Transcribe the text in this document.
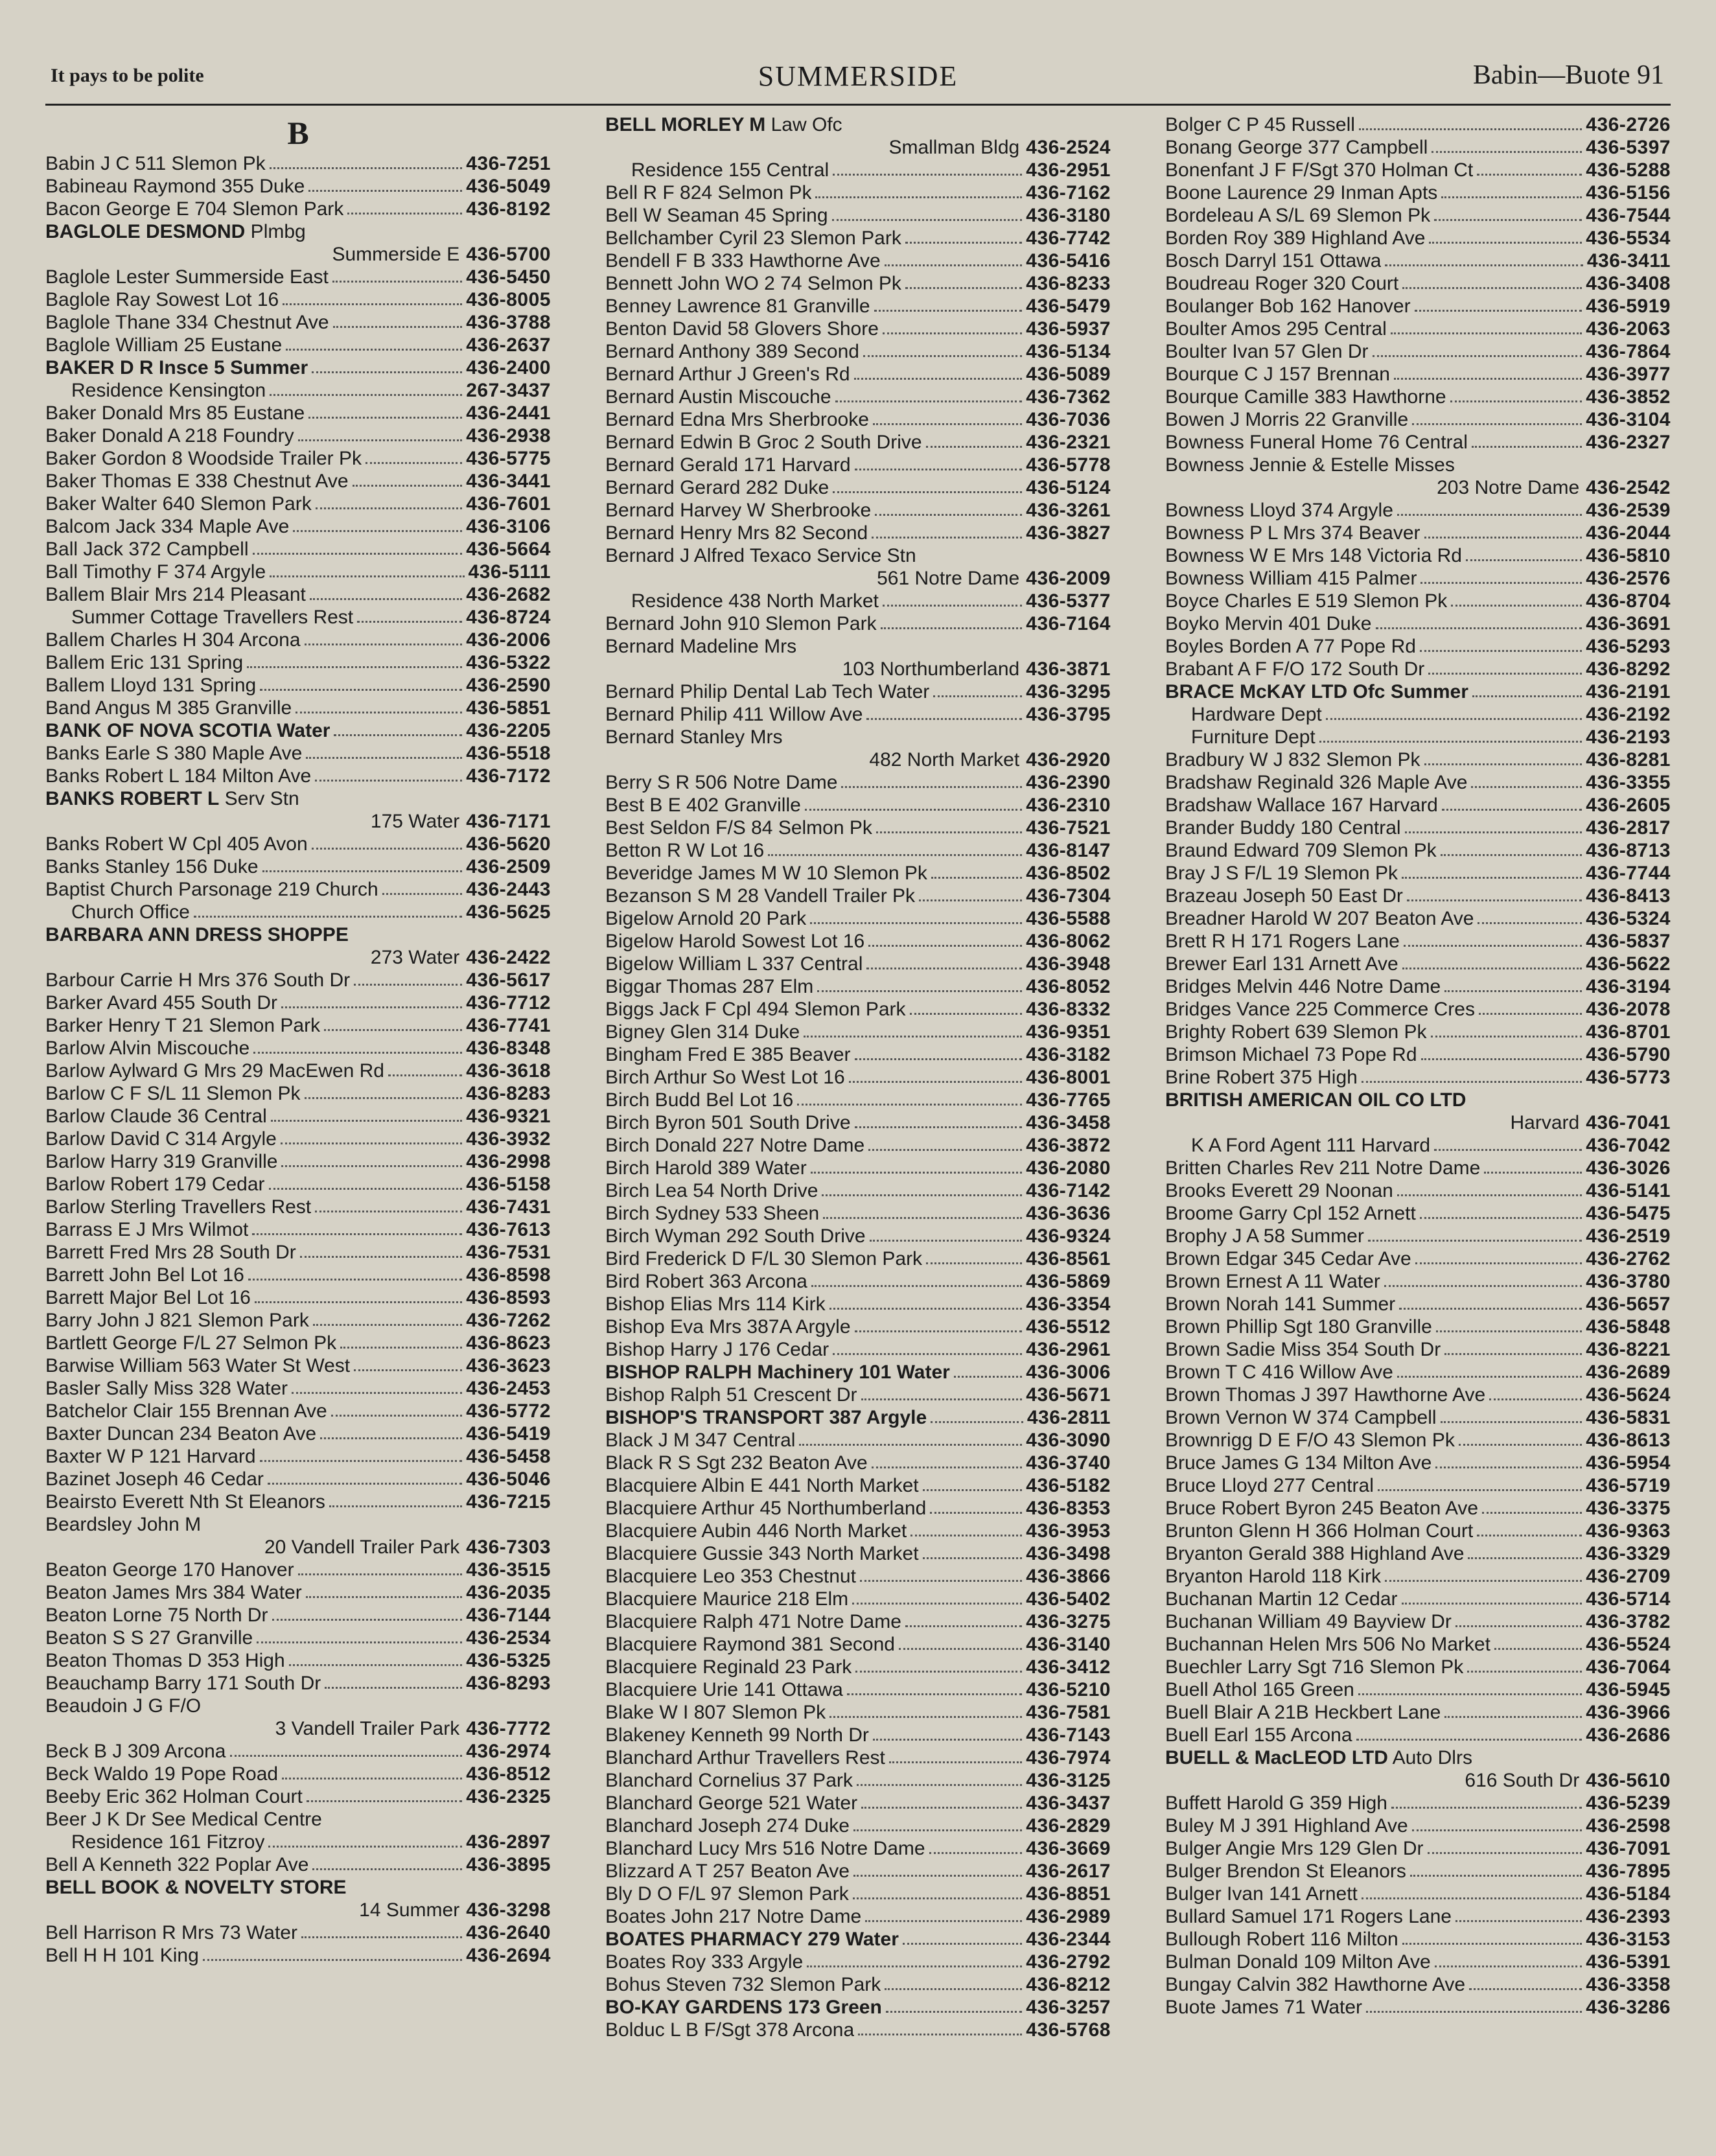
It pays to be polite	SUMMERSIDE	Babin—Buote 91
B
Babin J C 511 Slemon Pk	436-7251
Babineau Raymond 355 Duke	436-5049
Bacon George E 704 Slemon Park	436-8192
BAGLOLE DESMOND Plmbg
Summerside E 436-5700
Baglole Lester Summerside East	436-5450
Baglole Ray Sowest Lot 16	436-8005
Baglole Thane 334 Chestnut Ave	436-3788
Baglole William 25 Eustane	436-2637
BAKER D R Insce 5 Summer	436-2400
Residence Kensington	267-3437
Baker Donald Mrs 85 Eustane	436-2441
Baker Donald A 218 Foundry	436-2938
Baker Gordon 8 Woodside Trailer Pk	436-5775
Baker Thomas E 338 Chestnut Ave	436-3441
Baker Walter 640 Slemon Park	436-7601
Balcom Jack 334 Maple Ave	436-3106
Ball Jack 372 Campbell	436-5664
Ball Timothy F 374 Argyle	436-5111
Ballem Blair Mrs 214 Pleasant	436-2682
Summer Cottage Travellers Rest	436-8724
Ballem Charles H 304 Arcona	436-2006
Ballem Eric 131 Spring	436-5322
Ballem Lloyd 131 Spring	436-2590
Band Angus M 385 Granville	436-5851
BANK OF NOVA SCOTIA Water	436-2205
Banks Earle S 380 Maple Ave	436-5518
Banks Robert L 184 Milton Ave	436-7172
BANKS ROBERT L Serv Stn
175 Water 436-7171
Banks Robert W Cpl 405 Avon	436-5620
Banks Stanley 156 Duke	436-2509
Baptist Church Parsonage 219 Church	436-2443
Church Office	436-5625
BARBARA ANN DRESS SHOPPE
273 Water 436-2422
Barbour Carrie H Mrs 376 South Dr	436-5617
Barker Avard 455 South Dr	436-7712
Barker Henry T 21 Slemon Park	436-7741
Barlow Alvin Miscouche	436-8348
Barlow Aylward G Mrs 29 MacEwen Rd	436-3618
Barlow C F S/L 11 Slemon Pk	436-8283
Barlow Claude 36 Central	436-9321
Barlow David C 314 Argyle	436-3932
Barlow Harry 319 Granville	436-2998
Barlow Robert 179 Cedar	436-5158
Barlow Sterling Travellers Rest	436-7431
Barrass E J Mrs Wilmot	436-7613
Barrett Fred Mrs 28 South Dr	436-7531
Barrett John Bel Lot 16	436-8598
Barrett Major Bel Lot 16	436-8593
Barry John J 821 Slemon Park	436-7262
Bartlett George F/L 27 Selmon Pk	436-8623
Barwise William 563 Water St West	436-3623
Basler Sally Miss 328 Water	436-2453
Batchelor Clair 155 Brennan Ave	436-5772
Baxter Duncan 234 Beaton Ave	436-5419
Baxter W P 121 Harvard	436-5458
Bazinet Joseph 46 Cedar	436-5046
Beairsto Everett Nth St Eleanors	436-7215
Beardsley John M
20 Vandell Trailer Park 436-7303
Beaton George 170 Hanover	436-3515
Beaton James Mrs 384 Water	436-2035
Beaton Lorne 75 North Dr	436-7144
Beaton S S 27 Granville	436-2534
Beaton Thomas D 353 High	436-5325
Beauchamp Barry 171 South Dr	436-8293
Beaudoin J G F/O
3 Vandell Trailer Park 436-7772
Beck B J 309 Arcona	436-2974
Beck Waldo 19 Pope Road	436-8512
Beeby Eric 362 Holman Court	436-2325
Beer J K Dr See Medical Centre
Residence 161 Fitzroy	436-2897
Bell A Kenneth 322 Poplar Ave	436-3895
BELL BOOK & NOVELTY STORE
14 Summer 436-3298
Bell Harrison R Mrs 73 Water	436-2640
Bell H H 101 King	436-2694
BELL MORLEY M Law Ofc
Smallman Bldg 436-2524
Residence 155 Central	436-2951
Bell R F 824 Selmon Pk	436-7162
Bell W Seaman 45 Spring	436-3180
Bellchamber Cyril 23 Slemon Park	436-7742
Bendell F B 333 Hawthorne Ave	436-5416
Bennett John WO 2 74 Selmon Pk	436-8233
Benney Lawrence 81 Granville	436-5479
Benton David 58 Glovers Shore	436-5937
Bernard Anthony 389 Second	436-5134
Bernard Arthur J Green's Rd	436-5089
Bernard Austin Miscouche	436-7362
Bernard Edna Mrs Sherbrooke	436-7036
Bernard Edwin B Groc 2 South Drive	436-2321
Bernard Gerald 171 Harvard	436-5778
Bernard Gerard 282 Duke	436-5124
Bernard Harvey W Sherbrooke	436-3261
Bernard Henry Mrs 82 Second	436-3827
Bernard J Alfred Texaco Service Stn
561 Notre Dame 436-2009
Residence 438 North Market	436-5377
Bernard John 910 Slemon Park	436-7164
Bernard Madeline Mrs
103 Northumberland 436-3871
Bernard Philip Dental Lab Tech Water	436-3295
Bernard Philip 411 Willow Ave	436-3795
Bernard Stanley Mrs
482 North Market 436-2920
Berry S R 506 Notre Dame	436-2390
Best B E 402 Granville	436-2310
Best Seldon F/S 84 Selmon Pk	436-7521
Betton R W Lot 16	436-8147
Beveridge James M W 10 Slemon Pk	436-8502
Bezanson S M 28 Vandell Trailer Pk	436-7304
Bigelow Arnold 20 Park	436-5588
Bigelow Harold Sowest Lot 16	436-8062
Bigelow William L 337 Central	436-3948
Biggar Thomas 287 Elm	436-8052
Biggs Jack F Cpl 494 Slemon Park	436-8332
Bigney Glen 314 Duke	436-9351
Bingham Fred E 385 Beaver	436-3182
Birch Arthur So West Lot 16	436-8001
Birch Budd Bel Lot 16	436-7765
Birch Byron 501 South Drive	436-3458
Birch Donald 227 Notre Dame	436-3872
Birch Harold 389 Water	436-2080
Birch Lea 54 North Drive	436-7142
Birch Sydney 533 Sheen	436-3636
Birch Wyman 292 South Drive	436-9324
Bird Frederick D F/L 30 Slemon Park	436-8561
Bird Robert 363 Arcona	436-5869
Bishop Elias Mrs 114 Kirk	436-3354
Bishop Eva Mrs 387A Argyle	436-5512
Bishop Harry J 176 Cedar	436-2961
BISHOP RALPH Machinery 101 Water	436-3006
Bishop Ralph 51 Crescent Dr	436-5671
BISHOP'S TRANSPORT 387 Argyle	436-2811
Black J M 347 Central	436-3090
Black R S Sgt 232 Beaton Ave	436-3740
Blacquiere Albin E 441 North Market	436-5182
Blacquiere Arthur 45 Northumberland	436-8353
Blacquiere Aubin 446 North Market	436-3953
Blacquiere Gussie 343 North Market	436-3498
Blacquiere Leo 353 Chestnut	436-3866
Blacquiere Maurice 218 Elm	436-5402
Blacquiere Ralph 471 Notre Dame	436-3275
Blacquiere Raymond 381 Second	436-3140
Blacquiere Reginald 23 Park	436-3412
Blacquiere Urie 141 Ottawa	436-5210
Blake W I 807 Slemon Pk	436-7581
Blakeney Kenneth 99 North Dr	436-7143
Blanchard Arthur Travellers Rest	436-7974
Blanchard Cornelius 37 Park	436-3125
Blanchard George 521 Water	436-3437
Blanchard Joseph 274 Duke	436-2829
Blanchard Lucy Mrs 516 Notre Dame	436-3669
Blizzard A T 257 Beaton Ave	436-2617
Bly D O F/L 97 Slemon Park	436-8851
Boates John 217 Notre Dame	436-2989
BOATES PHARMACY 279 Water	436-2344
Boates Roy 333 Argyle	436-2792
Bohus Steven 732 Slemon Park	436-8212
BO-KAY GARDENS 173 Green	436-3257
Bolduc L B F/Sgt 378 Arcona	436-5768
Bolger C P 45 Russell	436-2726
Bonang George 377 Campbell	436-5397
Bonenfant J F F/Sgt 370 Holman Ct	436-5288
Boone Laurence 29 Inman Apts	436-5156
Bordeleau A S/L 69 Slemon Pk	436-7544
Borden Roy 389 Highland Ave	436-5534
Bosch Darryl 151 Ottawa	436-3411
Boudreau Roger 320 Court	436-3408
Boulanger Bob 162 Hanover	436-5919
Boulter Amos 295 Central	436-2063
Boulter Ivan 57 Glen Dr	436-7864
Bourque C J 157 Brennan	436-3977
Bourque Camille 383 Hawthorne	436-3852
Bowen J Morris 22 Granville	436-3104
Bowness Funeral Home 76 Central	436-2327
Bowness Jennie & Estelle Misses
203 Notre Dame 436-2542
Bowness Lloyd 374 Argyle	436-2539
Bowness P L Mrs 374 Beaver	436-2044
Bowness W E Mrs 148 Victoria Rd	436-5810
Bowness William 415 Palmer	436-2576
Boyce Charles E 519 Slemon Pk	436-8704
Boyko Mervin 401 Duke	436-3691
Boyles Borden A 77 Pope Rd	436-5293
Brabant A F F/O 172 South Dr	436-8292
BRACE McKAY LTD Ofc Summer	436-2191
Hardware Dept	436-2192
Furniture Dept	436-2193
Bradbury W J 832 Slemon Pk	436-8281
Bradshaw Reginald 326 Maple Ave	436-3355
Bradshaw Wallace 167 Harvard	436-2605
Brander Buddy 180 Central	436-2817
Braund Edward 709 Slemon Pk	436-8713
Bray J S F/L 19 Slemon Pk	436-7744
Brazeau Joseph 50 East Dr	436-8413
Breadner Harold W 207 Beaton Ave	436-5324
Brett R H 171 Rogers Lane	436-5837
Brewer Earl 131 Arnett Ave	436-5622
Bridges Melvin 446 Notre Dame	436-3194
Bridges Vance 225 Commerce Cres	436-2078
Brighty Robert 639 Slemon Pk	436-8701
Brimson Michael 73 Pope Rd	436-5790
Brine Robert 375 High	436-5773
BRITISH AMERICAN OIL CO LTD
Harvard 436-7041
K A Ford Agent 111 Harvard	436-7042
Britten Charles Rev 211 Notre Dame	436-3026
Brooks Everett 29 Noonan	436-5141
Broome Garry Cpl 152 Arnett	436-5475
Brophy J A 58 Summer	436-2519
Brown Edgar 345 Cedar Ave	436-2762
Brown Ernest A 11 Water	436-3780
Brown Norah 141 Summer	436-5657
Brown Phillip Sgt 180 Granville	436-5848
Brown Sadie Miss 354 South Dr	436-8221
Brown T C 416 Willow Ave	436-2689
Brown Thomas J 397 Hawthorne Ave	436-5624
Brown Vernon W 374 Campbell	436-5831
Brownrigg D E F/O 43 Slemon Pk	436-8613
Bruce James G 134 Milton Ave	436-5954
Bruce Lloyd 277 Central	436-5719
Bruce Robert Byron 245 Beaton Ave	436-3375
Brunton Glenn H 366 Holman Court	436-9363
Bryanton Gerald 388 Highland Ave	436-3329
Bryanton Harold 118 Kirk	436-2709
Buchanan Martin 12 Cedar	436-5714
Buchanan William 49 Bayview Dr	436-3782
Buchannan Helen Mrs 506 No Market	436-5524
Buechler Larry Sgt 716 Slemon Pk	436-7064
Buell Athol 165 Green	436-5945
Buell Blair A 21B Heckbert Lane	436-3966
Buell Earl 155 Arcona	436-2686
BUELL & MacLEOD LTD Auto Dlrs
616 South Dr 436-5610
Buffett Harold G 359 High	436-5239
Buley M J 391 Highland Ave	436-2598
Bulger Angie Mrs 129 Glen Dr	436-7091
Bulger Brendon St Eleanors	436-7895
Bulger Ivan 141 Arnett	436-5184
Bullard Samuel 171 Rogers Lane	436-2393
Bullough Robert 116 Milton	436-3153
Bulman Donald 109 Milton Ave	436-5391
Bungay Calvin 382 Hawthorne Ave	436-3358
Buote James 71 Water	436-3286
